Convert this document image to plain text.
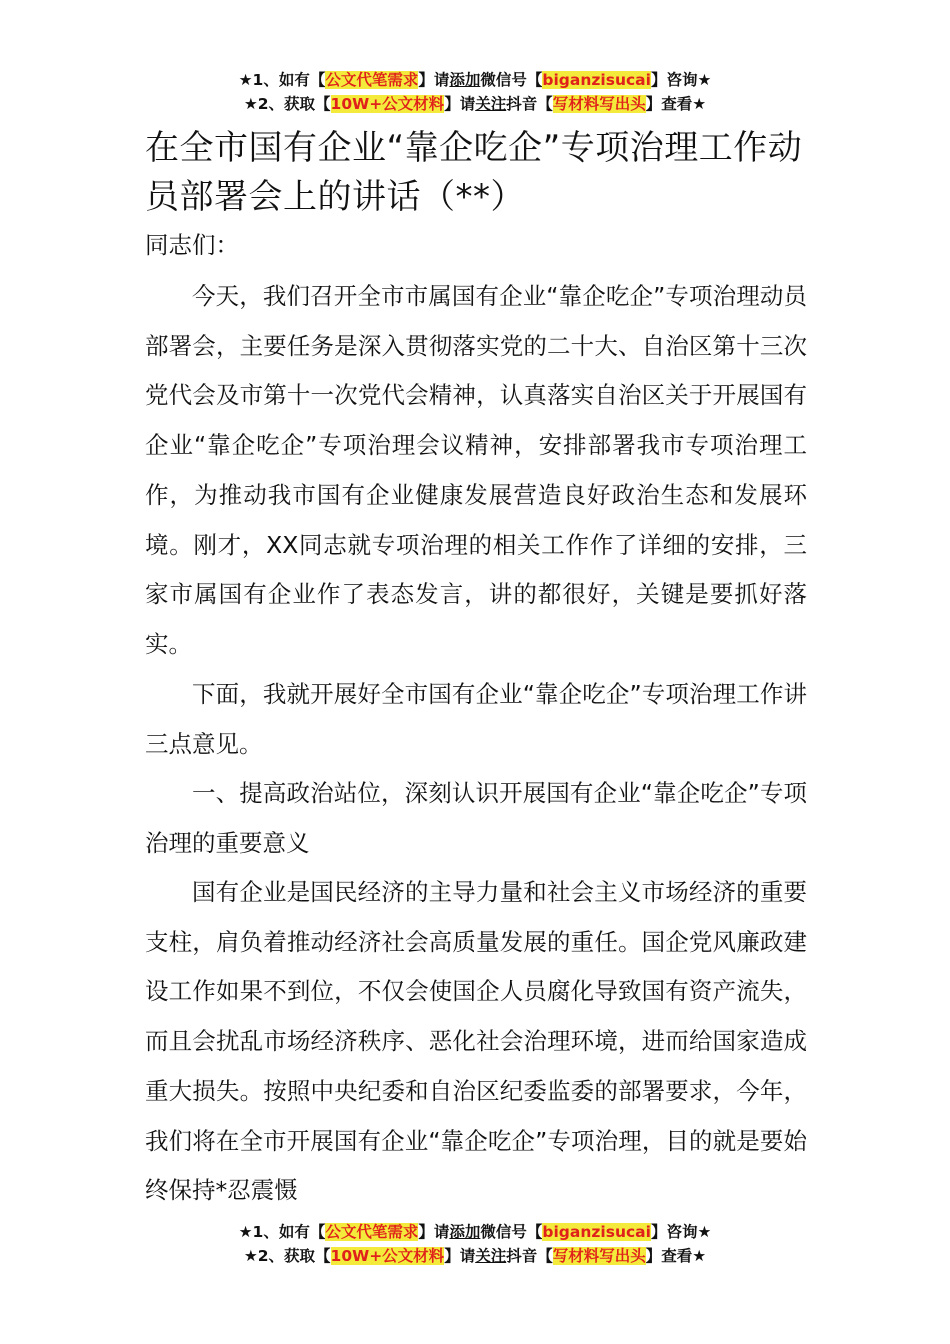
★1、如有【公文代笔需求】请添加微信号【biganzisucai】咨询★
★2、获取【10W+公文材料】请关注抖音【写材料写出头】查看★
在全市国有企业“靠企吃企”专项治理工作动员部署会上的讲话（**）
同志们：
今天，我们召开全市市属国有企业“靠企吃企”专项治理动员部署会，主要任务是深入贯彻落实党的二十大、自治区第十三次党代会及市第十一次党代会精神，认真落实自治区关于开展国有企业“靠企吃企”专项治理会议精神，安排部署我市专项治理工作，为推动我市国有企业健康发展营造良好政治生态和发展环境。刚才，XX同志就专项治理的相关工作作了详细的安排，三家市属国有企业作了表态发言，讲的都很好，关键是要抓好落实。
下面，我就开展好全市国有企业“靠企吃企”专项治理工作讲三点意见。
一、提高政治站位，深刻认识开展国有企业“靠企吃企”专项治理的重要意义
国有企业是国民经济的主导力量和社会主义市场经济的重要支柱，肩负着推动经济社会高质量发展的重任。国企党风廉政建设工作如果不到位，不仅会使国企人员腐化导致国有资产流失，而且会扰乱市场经济秩序、恶化社会治理环境，进而给国家造成重大损失。按照中央纪委和自治区纪委监委的部署要求，今年，我们将在全市开展国有企业“靠企吃企”专项治理，目的就是要始终保持*忍震慑
★1、如有【公文代笔需求】请添加微信号【biganzisucai】咨询★
★2、获取【10W+公文材料】请关注抖音【写材料写出头】查看★
